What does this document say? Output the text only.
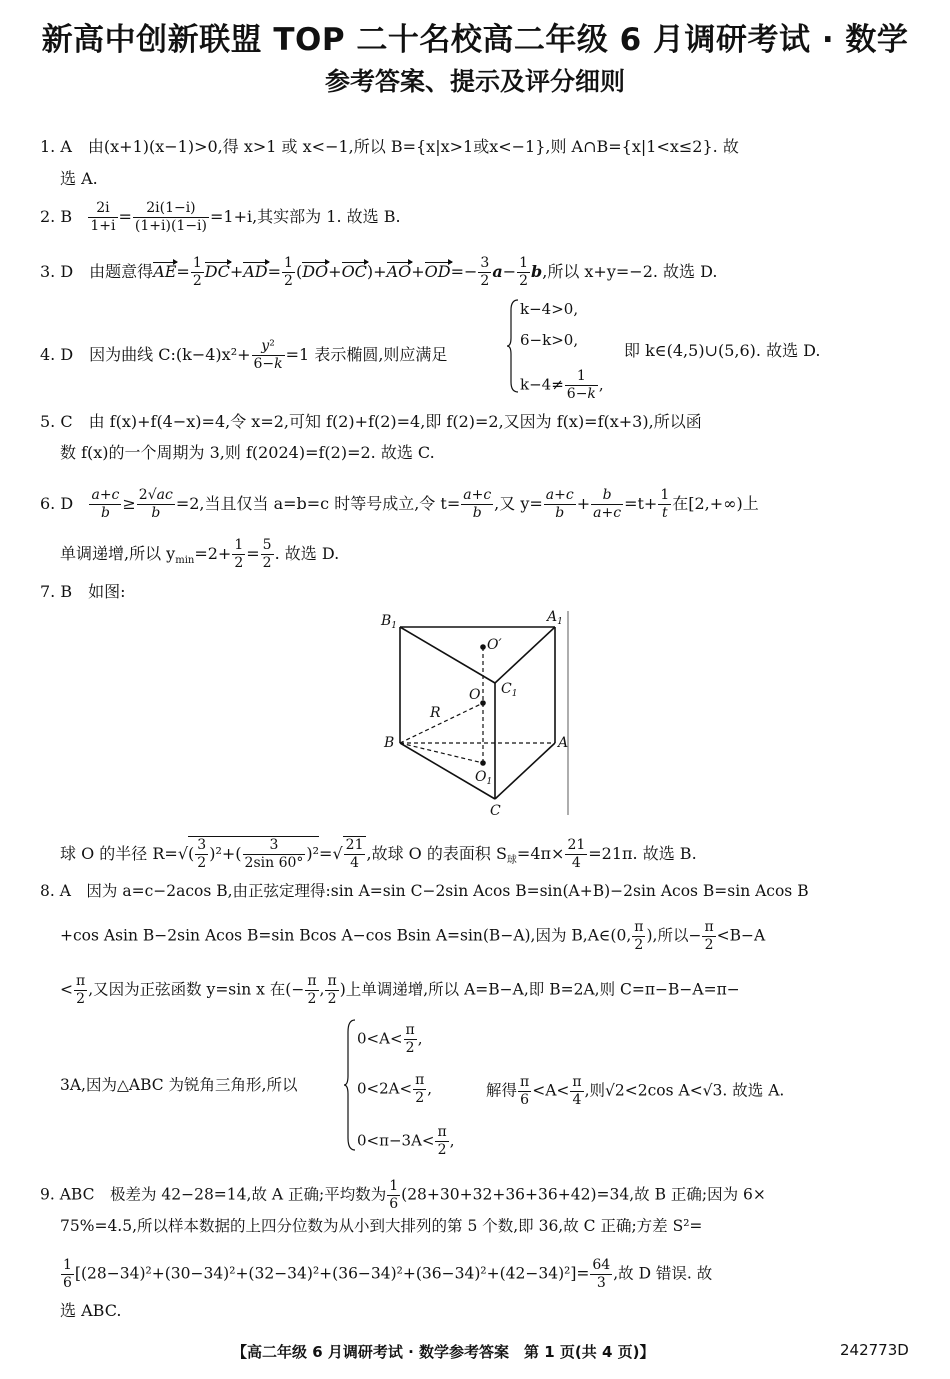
新高中创新联盟 TOP 二十名校高二年级 6 月调研考试 · 数学
参考答案、提示及评分细则
1. A　由(x+1)(x−1)>0,得 x>1 或 x<−1,所以 B={x|x>1或x<−1},则 A∩B={x|1<x≤2}. 故
选 A.
2. B $\frac{2i}{1+i} = \frac{2i(1-i)}{(1+i)(1-i)} =1+i$,其实部为 1. 故选 B.
3. D　由题意得$AE= \frac{1}{2} DC+AD= \frac{1}{2} (DO+OC)+AO+OD=- \frac{3}{2} a- \frac{1}{2} b$,所以 x+y=−2. 故选 D.
4. D　因为曲线 C:(k−4)x²+ $\frac{\text{y²}}{6-k} =1$ 表示椭圆,则应满足
k−4>0,
6−k>0,
$k-4\ne \frac{1}{6-k}$ ,
即 k∈(4,5)∪(5,6). 故选 D.
5. C　由 f(x)+f(4−x)=4,令 x=2,可知 f(2)+f(2)=4,即 f(2)=2,又因为 f(x)=f(x+3),所以函
数 f(x)的一个周期为 3,则 f(2024)=f(2)=2. 故选 C.
6. D $\frac{a+c}{b} \ge \frac{2√ac}{b} =2$,当且仅当 a=b=c 时等号成立,令 $t= \frac{a+c}{b}$ ,又 $y= \frac{a+c}{b} + \frac{b}{a+c} =t+ \frac{1}{t}$ 在[2,+∞)上
单调递增,所以 $y_{min}=2+ \frac{1}{2} = \frac{5}{2}$ . 故选 D.
7. B　如图:
$B_1$
$A_1$
O′
O $C_1$
R
B	A
$O_1$
C
球 O 的半径 $R=√( \frac{3}{2} )^2+( \frac{3}{2\sin 60^\circ} )^2=√ \frac{21}{4}$ ,故球 O 的表面积 $S_球=4\pi\times \frac{21}{4} =21\pi$. 故选 B.
8. A　因为 a=c−2acos B,由正弦定理得:sin A=sin C−2sin Acos B=sin(A+B)−2sin Acos B=sin Acos B
+cos Asin B−2sin Acos B=sin Bcos A−cos Bsin A=sin(B−A),因为 B,A∈(0, $\frac{\pi}{2}$ ),所以− $\frac{\pi}{2} <B-A$
< $\frac{\pi}{2}$ ,又因为正弦函数 y=sin x 在(− $\frac{\pi}{2}$ , $\frac{\pi}{2}$ )上单调递增,所以 A=B−A,即 B=2A,则 C=π−B−A=π−
3A,因为△ABC 为锐角三角形,所以
$0<A< \frac{\pi}{2}$ ,
$0<2A< \frac{\pi}{2}$ ,
$0<\pi-3A< \frac{\pi}{2}$ ,
解得 $\frac{\pi}{6} <A< \frac{\pi}{4}$ ,则√2<2cos A<√3. 故选 A.
9. ABC　极差为 42−28=14,故 A 正确;平均数为 $\frac{1}{6} (28+30+32+36+36+42)=34$,故 B 正确;因为 6×
75%=4.5,所以样本数据的上四分位数为从小到大排列的第 5 个数,即 36,故 C 正确;方差 S²=
$\frac{1}{6} [(28-34)^2+(30-34)^2+(32-34)^2+(36-34)^2+(36-34)^2+(42-34)^2]= \frac{64}{3}$ ,故 D 错误. 故
选 ABC.
【高二年级 6 月调研考试 · 数学参考答案　第 1 页(共 4 页)】	242773D
